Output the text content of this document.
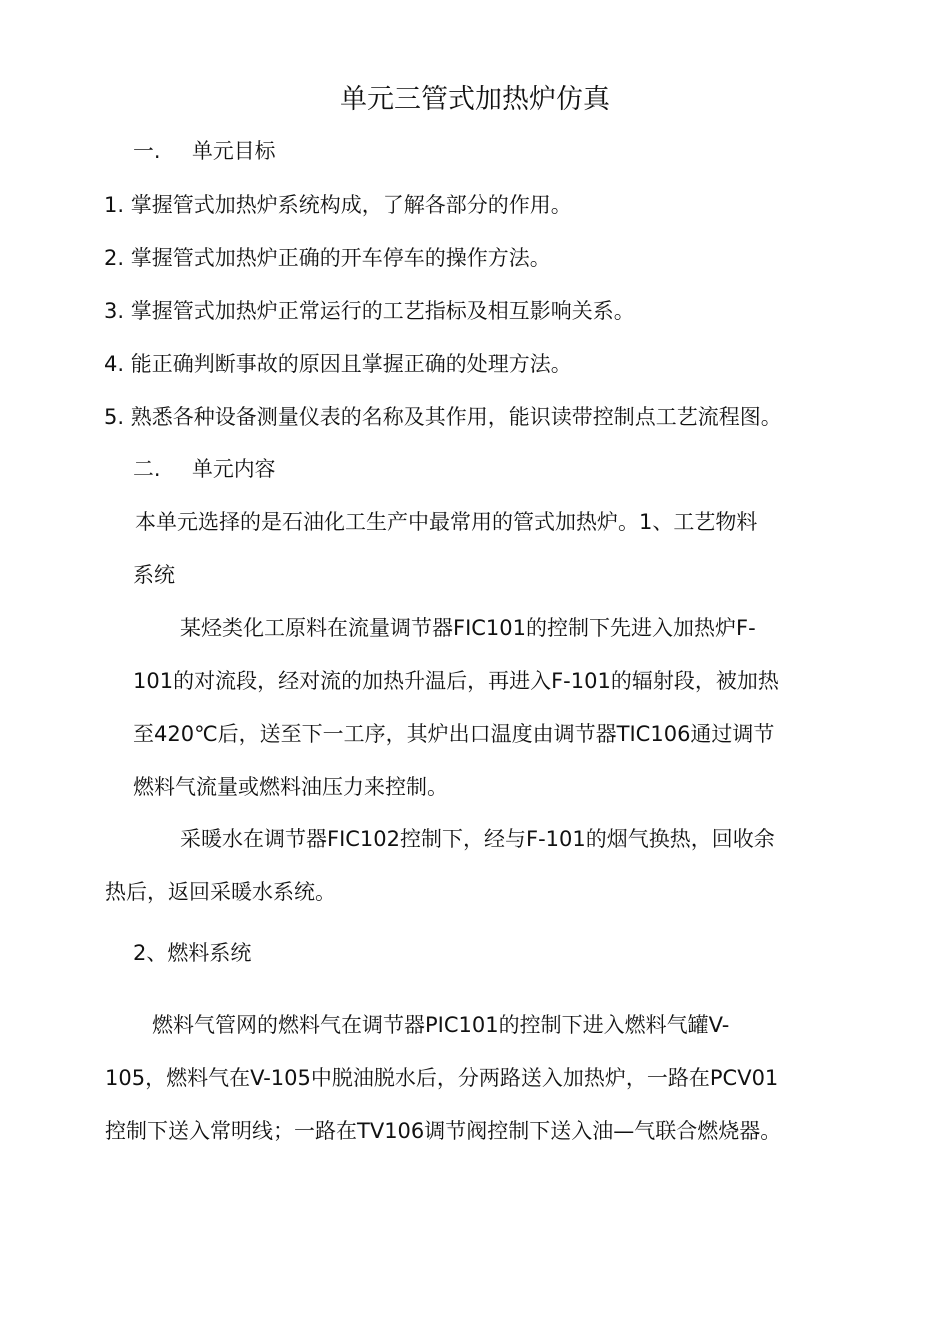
单元三管式加热炉仿真
一. 单元目标
1. 掌握管式加热炉系统构成，了解各部分的作用。
2. 掌握管式加热炉正确的开车停车的操作方法。
3. 掌握管式加热炉正常运行的工艺指标及相互影响关系。
4. 能正确判断事故的原因且掌握正确的处理方法。
5. 熟悉各种设备测量仪表的名称及其作用，能识读带控制点工艺流程图。
二. 单元内容
本单元选择的是石油化工生产中最常用的管式加热炉。1、工艺物料
系统
某烃类化工原料在流量调节器FIC101的控制下先进入加热炉F-
101的对流段，经对流的加热升温后，再进入F-101的辐射段，被加热
至420℃后，送至下一工序，其炉出口温度由调节器TIC106通过调节
燃料气流量或燃料油压力来控制。
采暖水在调节器FIC102控制下，经与F-101的烟气换热，回收余
热后，返回采暖水系统。
2、燃料系统
燃料气管网的燃料气在调节器PIC101的控制下进入燃料气罐V-
105，燃料气在V-105中脱油脱水后，分两路送入加热炉，一路在PCV01
控制下送入常明线；一路在TV106调节阀控制下送入油—气联合燃烧器。
